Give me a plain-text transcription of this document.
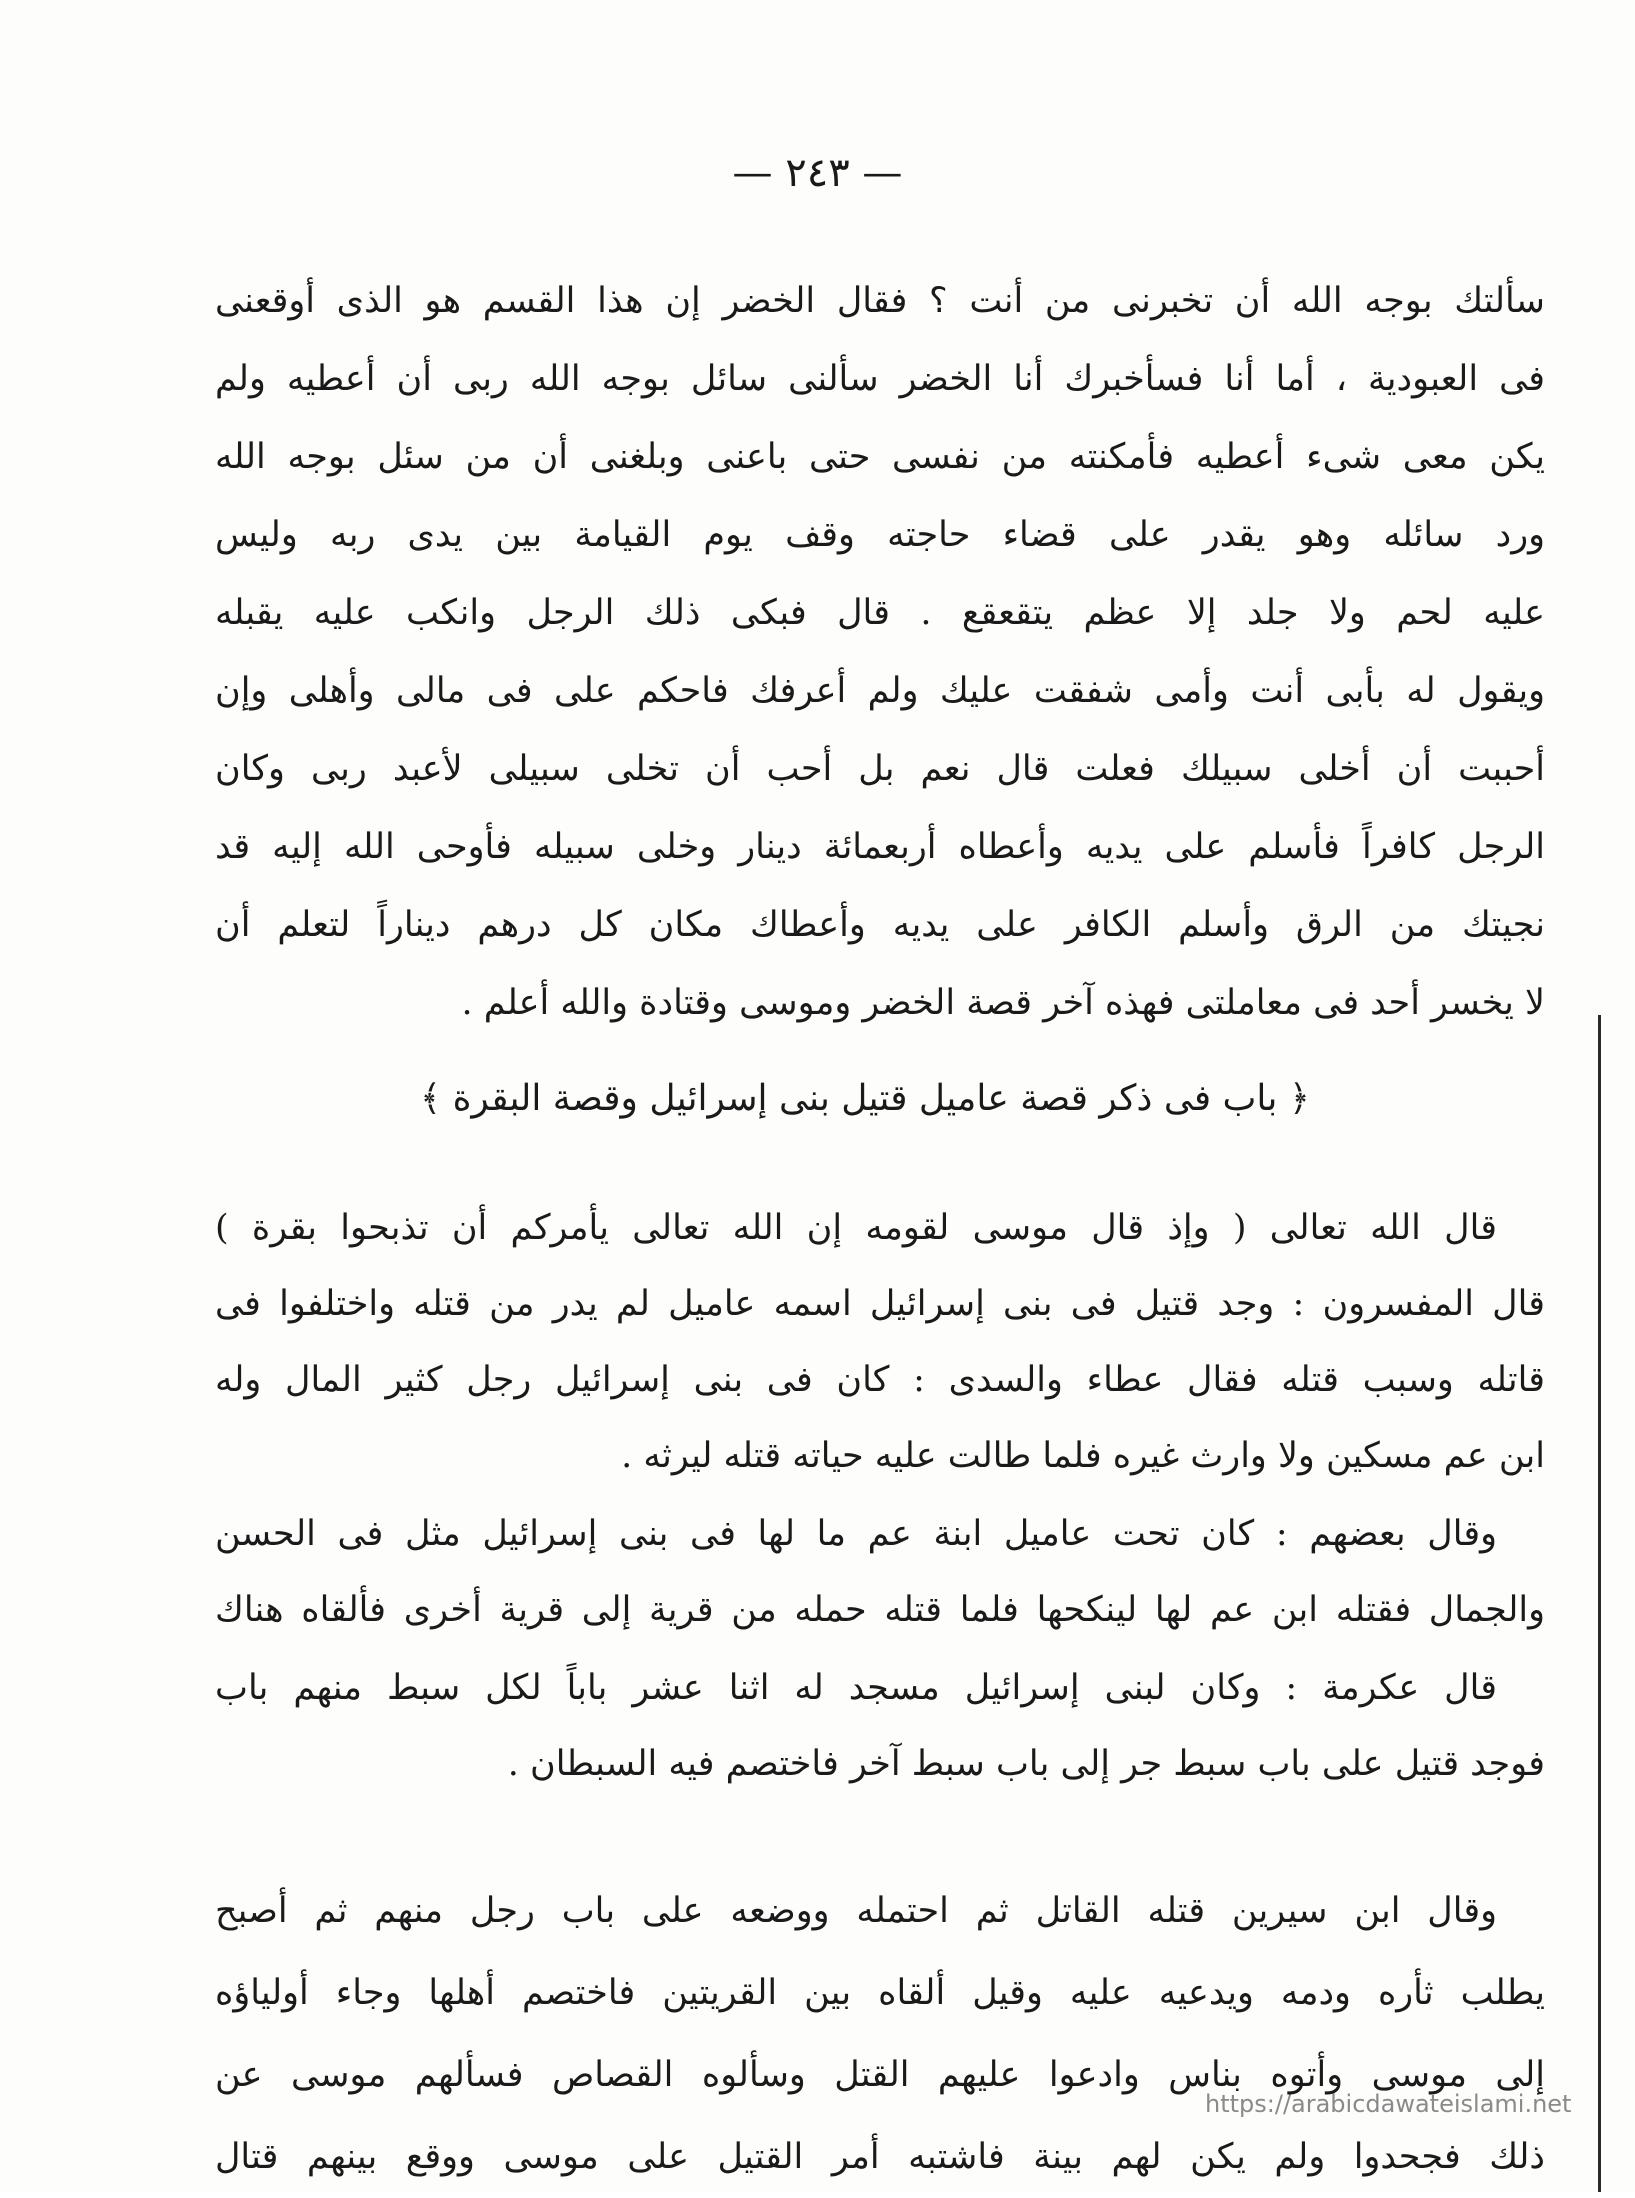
— ٢٤٣ —
سألتك بوجه الله أن تخبرنى من أنت ؟ فقال الخضر إن هذا القسم هو الذى أوقعنى
فى العبودية ، أما أنا فسأخبرك أنا الخضر سألنى سائل بوجه الله ربى أن أعطيه ولم
يكن معى شىء أعطيه فأمكنته من نفسى حتى باعنى وبلغنى أن من سئل بوجه الله
ورد سائله وهو يقدر على قضاء حاجته وقف يوم القيامة بين يدى ربه وليس
عليه لحم ولا جلد إلا عظم يتقعقع . قال فبكى ذلك الرجل وانكب عليه يقبله
ويقول له بأبى أنت وأمى شفقت عليك ولم أعرفك فاحكم على فى مالى وأهلى وإن
أحببت أن أخلى سبيلك فعلت قال نعم بل أحب أن تخلى سبيلى لأعبد ربى وكان
الرجل كافراً فأسلم على يديه وأعطاه أربعمائة دينار وخلى سبيله فأوحى الله إليه قد
نجيتك من الرق وأسلم الكافر على يديه وأعطاك مكان كل درهم ديناراً لتعلم أن
لا يخسر أحد فى معاملتى فهذه آخر قصة الخضر وموسى وقتادة والله أعلم .
﴿ باب فى ذكر قصة عاميل قتيل بنى إسرائيل وقصة البقرة ﴾
قال الله تعالى ( وإذ قال موسى لقومه إن الله تعالى يأمركم أن تذبحوا بقرة )
قال المفسرون : وجد قتيل فى بنى إسرائيل اسمه عاميل لم يدر من قتله واختلفوا فى
قاتله وسبب قتله فقال عطاء والسدى : كان فى بنى إسرائيل رجل كثير المال وله
ابن عم مسكين ولا وارث غيره فلما طالت عليه حياته قتله ليرثه .
وقال بعضهم : كان تحت عاميل ابنة عم ما لها فى بنى إسرائيل مثل فى الحسن
والجمال فقتله ابن عم لها لينكحها فلما قتله حمله من قرية إلى قرية أخرى فألقاه هناك
قال عكرمة : وكان لبنى إسرائيل مسجد له اثنا عشر باباً لكل سبط منهم باب
فوجد قتيل على باب سبط جر إلى باب سبط آخر فاختصم فيه السبطان .
وقال ابن سيرين قتله القاتل ثم احتمله ووضعه على باب رجل منهم ثم أصبح
يطلب ثأره ودمه ويدعيه عليه وقيل ألقاه بين القريتين فاختصم أهلها وجاء أولياؤه
إلى موسى وأتوه بناس وادعوا عليهم القتل وسألوه القصاص فسألهم موسى عن
ذلك فجحدوا ولم يكن لهم بينة فاشتبه أمر القتيل على موسى ووقع بينهم قتال
https://arabicdawateislami.net
